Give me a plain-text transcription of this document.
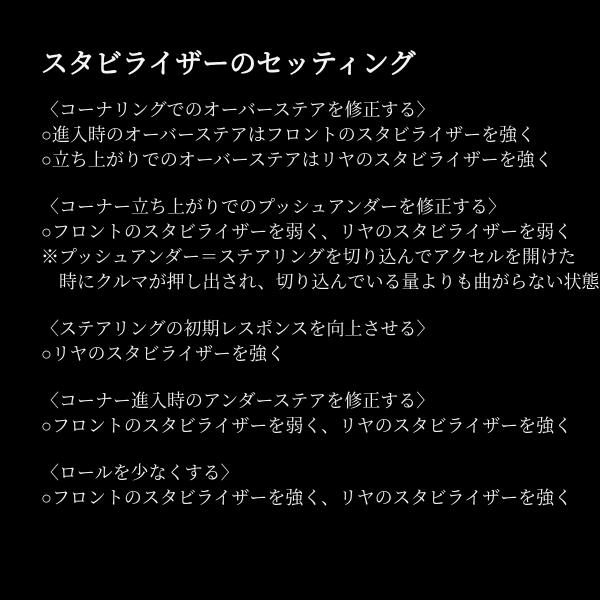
スタビライザーのセッティング
〈コーナリングでのオーバーステアを修正する〉
○進入時のオーバーステアはフロントのスタビライザーを強く
○立ち上がりでのオーバーステアはリヤのスタビライザーを強く
〈コーナー立ち上がりでのプッシュアンダーを修正する〉
○フロントのスタビライザーを弱く、リヤのスタビライザーを弱く
※プッシュアンダー＝ステアリングを切り込んでアクセルを開けた
　時にクルマが押し出され、切り込んでいる量よりも曲がらない状態
〈ステアリングの初期レスポンスを向上させる〉
○リヤのスタビライザーを強く
〈コーナー進入時のアンダーステアを修正する〉
○フロントのスタビライザーを弱く、リヤのスタビライザーを強く
〈ロールを少なくする〉
○フロントのスタビライザーを強く、リヤのスタビライザーを強く
